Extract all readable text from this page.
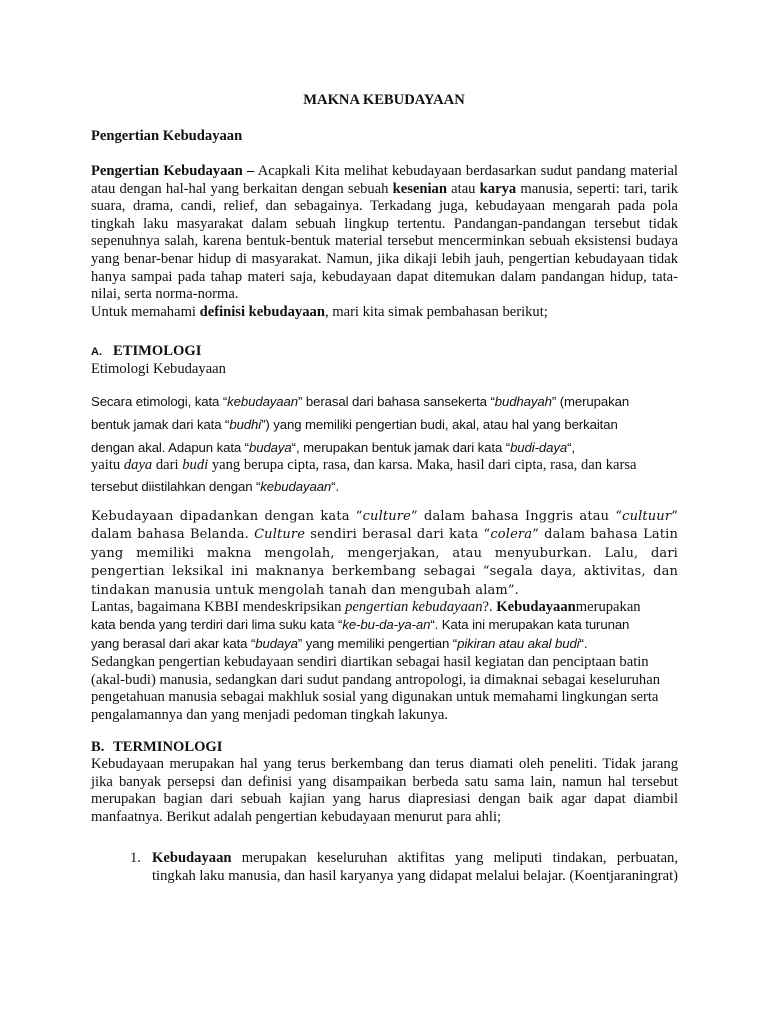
MAKNA KEBUDAYAAN
Pengertian Kebudayaan

Pengertian Kebudayaan – Acapkali Kita melihat kebudayaan berdasarkan sudut pandang material atau dengan hal-hal yang berkaitan dengan sebuah kesenian atau karya manusia, seperti: tari, tarik suara, drama, candi, relief, dan sebagainya. Terkadang juga, kebudayaan mengarah pada pola tingkah laku masyarakat dalam sebuah lingkup tertentu. Pandangan-pandangan tersebut tidak sepenuhnya salah, karena bentuk-bentuk material tersebut mencerminkan sebuah eksistensi budaya yang benar-benar hidup di masyarakat. Namun, jika dikaji lebih jauh, pengertian kebudayaan tidak hanya sampai pada tahap materi saja, kebudayaan dapat ditemukan dalam pandangan hidup, tata-nilai, serta norma-norma.

Untuk memahami definisi kebudayaan, mari kita simak pembahasan berikut;

A. ETIMOLOGI
Etimologi Kebudayaan

Secara etimologi, kata “kebudayaan” berasal dari bahasa sansekerta “budhayah” (merupakan

bentuk jamak dari kata “budhi”) yang memiliki pengertian budi, akal, atau hal yang berkaitan

dengan akal. Adapun kata “budaya“, merupakan bentuk jamak dari kata “budi-daya“,

yaitu daya dari budi yang berupa cipta, rasa, dan karsa. Maka, hasil dari cipta, rasa, dan karsa

tersebut diistilahkan dengan “kebudayaan“.

Kebudayaan dipadankan dengan kata “culture” dalam bahasa Inggris atau “cultuur” dalam bahasa Belanda. Culture sendiri berasal dari kata “colera” dalam bahasa Latin yang memiliki makna mengolah, mengerjakan, atau menyuburkan. Lalu, dari pengertian leksikal ini maknanya berkembang sebagai “segala daya, aktivitas, dan tindakan manusia untuk mengolah tanah dan mengubah alam”.

Lantas, bagaimana KBBI mendeskripsikan pengertian kebudayaan?. Kebudayaanmerupakan

kata benda yang terdiri dari lima suku kata “ke-bu-da-ya-an“. Kata ini merupakan kata turunan

yang berasal dari akar kata “budaya” yang memiliki pengertian “pikiran atau akal budi“.

Sedangkan pengertian kebudayaan sendiri diartikan sebagai hasil kegiatan dan penciptaan batin (akal-budi) manusia, sedangkan dari sudut pandang antropologi, ia dimaknai sebagai keseluruhan pengetahuan manusia sebagai makhluk sosial yang digunakan untuk memahami lingkungan serta pengalamannya dan yang menjadi pedoman tingkah lakunya.

B. TERMINOLOGI

Kebudayaan merupakan hal yang terus berkembang dan terus diamati oleh peneliti. Tidak jarang jika banyak persepsi dan definisi yang disampaikan berbeda satu sama lain, namun hal tersebut merupakan bagian dari sebuah kajian yang harus diapresiasi dengan baik agar dapat diambil manfaatnya. Berikut adalah pengertian kebudayaan menurut para ahli;

1. Kebudayaan merupakan keseluruhan aktifitas yang meliputi tindakan, perbuatan, tingkah laku manusia, dan hasil karyanya yang didapat melalui belajar. (Koentjaraningrat)
